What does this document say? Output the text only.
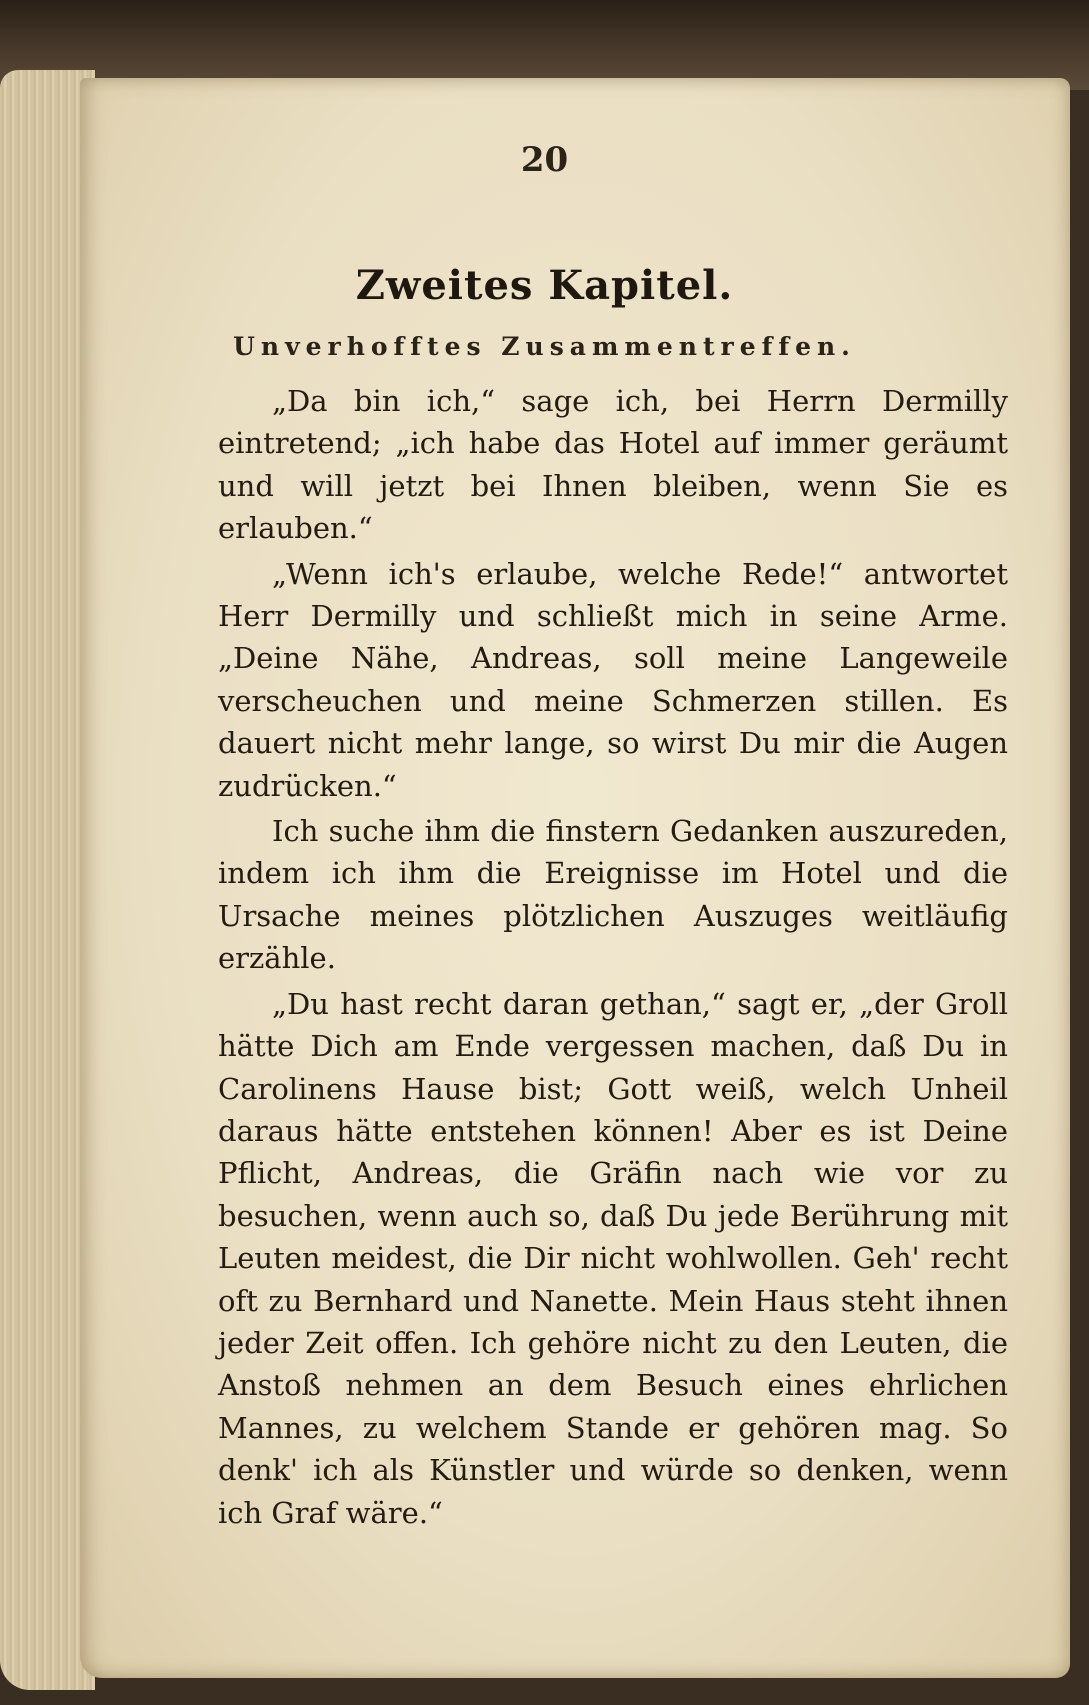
20
Zweites Kapitel.
Unverhofftes Zusammentreffen.

„Da bin ich,“ sage ich, bei Herrn Dermilly eintretend; „ich habe das Hotel auf immer geräumt und will jetzt bei Ihnen bleiben, wenn Sie es erlauben.“

„Wenn ich's erlaube, welche Rede!“ antwortet Herr Dermilly und schließt mich in seine Arme. „Deine Nähe, Andreas, soll meine Langeweile verscheuchen und meine Schmerzen stillen. Es dauert nicht mehr lange, so wirst Du mir die Augen zudrücken.“

Ich suche ihm die finstern Gedanken auszureden, indem ich ihm die Ereignisse im Hotel und die Ursache meines plötzlichen Auszuges weitläufig erzähle.

„Du hast recht daran gethan,“ sagt er, „der Groll hätte Dich am Ende vergessen machen, daß Du in Carolinens Hause bist; Gott weiß, welch Unheil daraus hätte entstehen können! Aber es ist Deine Pflicht, Andreas, die Gräfin nach wie vor zu besuchen, wenn auch so, daß Du jede Berührung mit Leuten meidest, die Dir nicht wohlwollen. Geh' recht oft zu Bernhard und Nanette. Mein Haus steht ihnen jeder Zeit offen. Ich gehöre nicht zu den Leuten, die Anstoß nehmen an dem Besuch eines ehrlichen Mannes, zu welchem Stande er gehören mag. So denk' ich als Künstler und würde so denken, wenn ich Graf wäre.“
